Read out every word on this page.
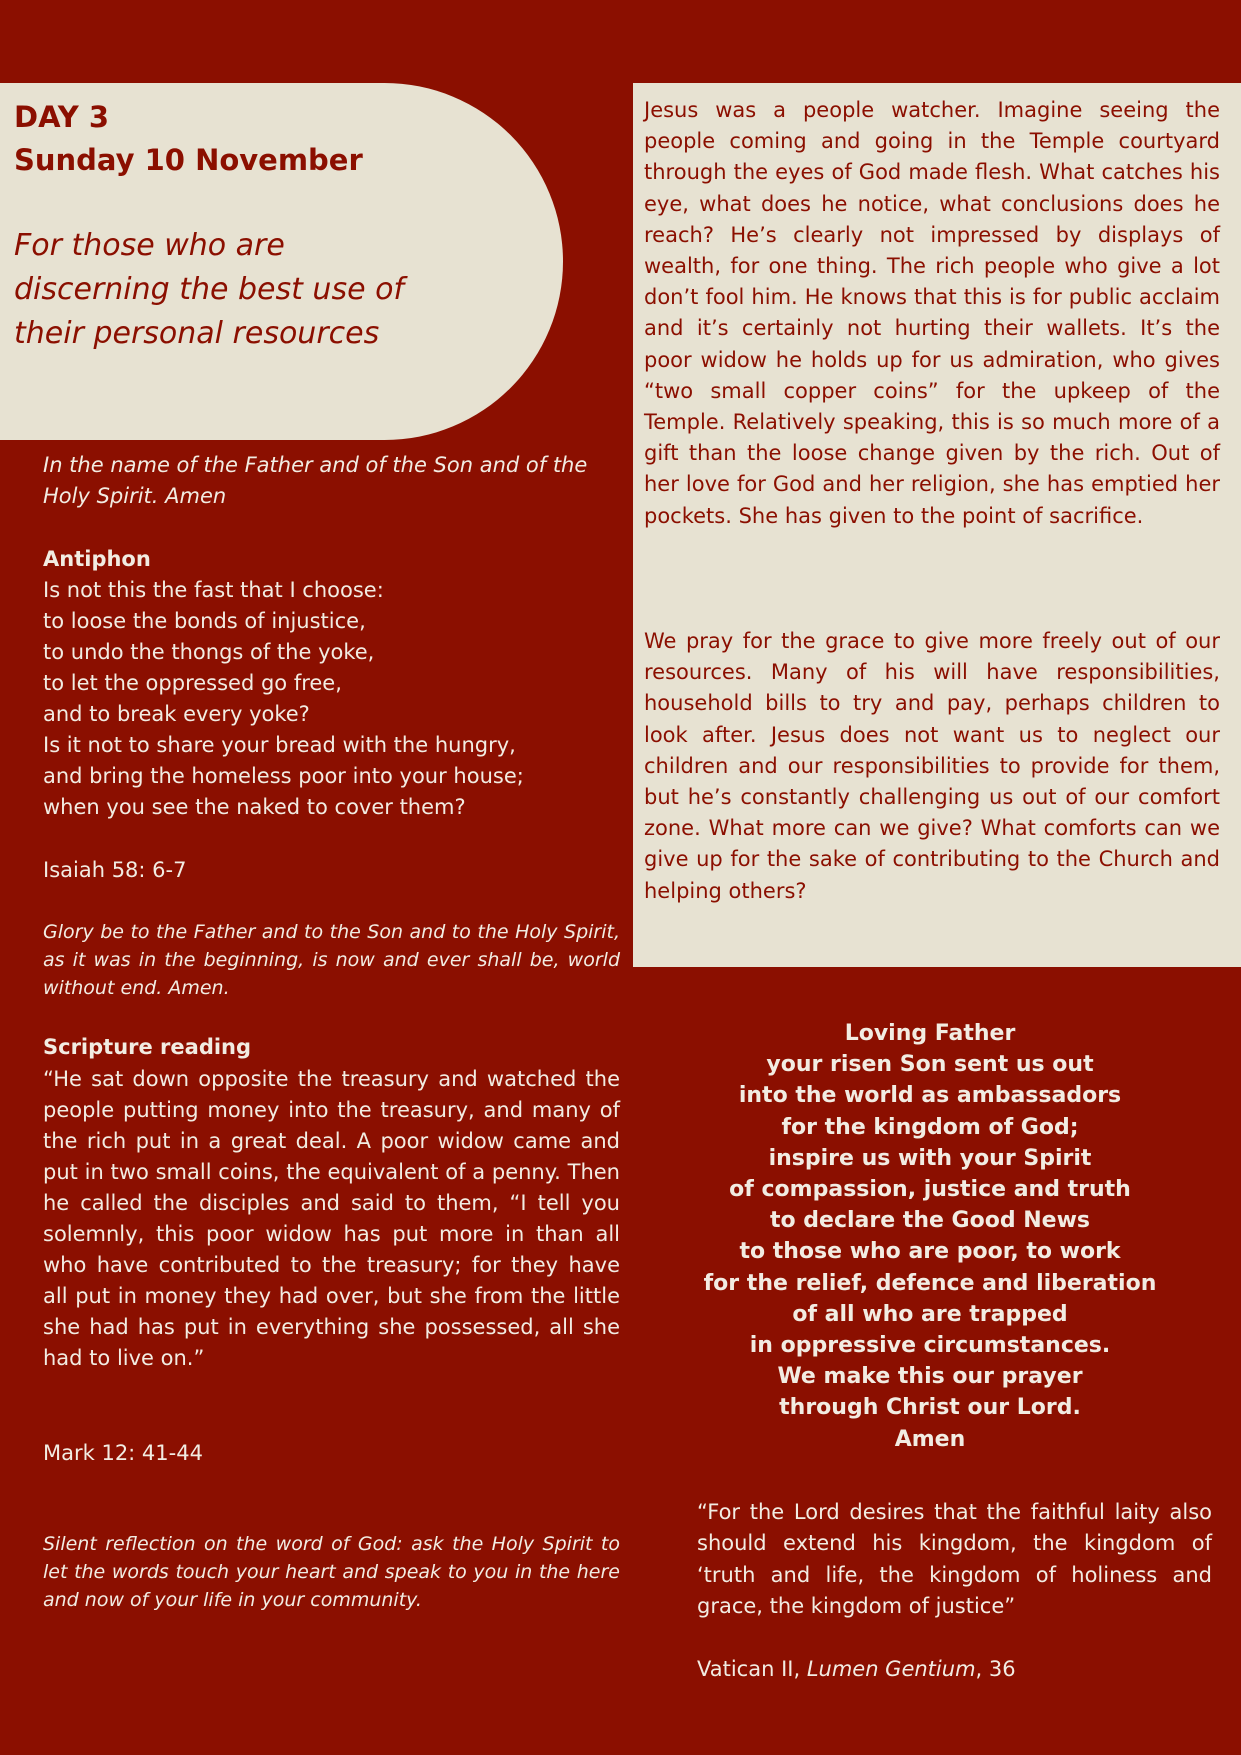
DAY 3
Sunday 10 November

For those who are discerning the best use of their personal resources

In the name of the Father and of the Son and of the Holy Spirit. Amen

Antiphon
Is not this the fast that I choose:
to loose the bonds of injustice,
to undo the thongs of the yoke,
to let the oppressed go free,
and to break every yoke?
Is it not to share your bread with the hungry,
and bring the homeless poor into your house;
when you see the naked to cover them?
Isaiah 58: 6-7

Glory be to the Father and to the Son and to the Holy Spirit, as it was in the beginning, is now and ever shall be, world without end. Amen.

Scripture reading

“He sat down opposite the treasury and watched the people putting money into the treasury, and many of the rich put in a great deal. A poor widow came and put in two small coins, the equivalent of a penny. Then he called the disciples and said to them, “I tell you solemnly, this poor widow has put more in than all who have contributed to the treasury; for they have all put in money they had over, but she from the little she had has put in everything she possessed, all she had to live on.”

Mark 12: 41-44

Silent reflection on the word of God: ask the Holy Spirit to let the words touch your heart and speak to you in the here and now of your life in your community.

Jesus was a people watcher. Imagine seeing the people coming and going in the Temple courtyard through the eyes of God made flesh. What catches his eye, what does he notice, what conclusions does he reach? He’s clearly not impressed by displays of wealth, for one thing. The rich people who give a lot don’t fool him. He knows that this is for public acclaim and it’s certainly not hurting their wallets. It’s the poor widow he holds up for us admiration, who gives “two small copper coins” for the upkeep of the Temple. Relatively speaking, this is so much more of a gift than the loose change given by the rich. Out of her love for God and her religion, she has emptied her pockets. She has given to the point of sacrifice.

We pray for the grace to give more freely out of our resources. Many of his will have responsibilities, household bills to try and pay, perhaps children to look after. Jesus does not want us to neglect our children and our responsibilities to provide for them, but he’s constantly challenging us out of our comfort zone. What more can we give? What comforts can we give up for the sake of contributing to the Church and helping others?

Loving Father
your risen Son sent us out
into the world as ambassadors
for the kingdom of God;
inspire us with your Spirit
of compassion, justice and truth
to declare the Good News
to those who are poor, to work
for the relief, defence and liberation
of all who are trapped
in oppressive circumstances.
We make this our prayer
through Christ our Lord.
Amen

“For the Lord desires that the faithful laity also should extend his kingdom, the kingdom of ‘truth and life, the kingdom of holiness and grace, the kingdom of justice”

Vatican II, Lumen Gentium, 36
